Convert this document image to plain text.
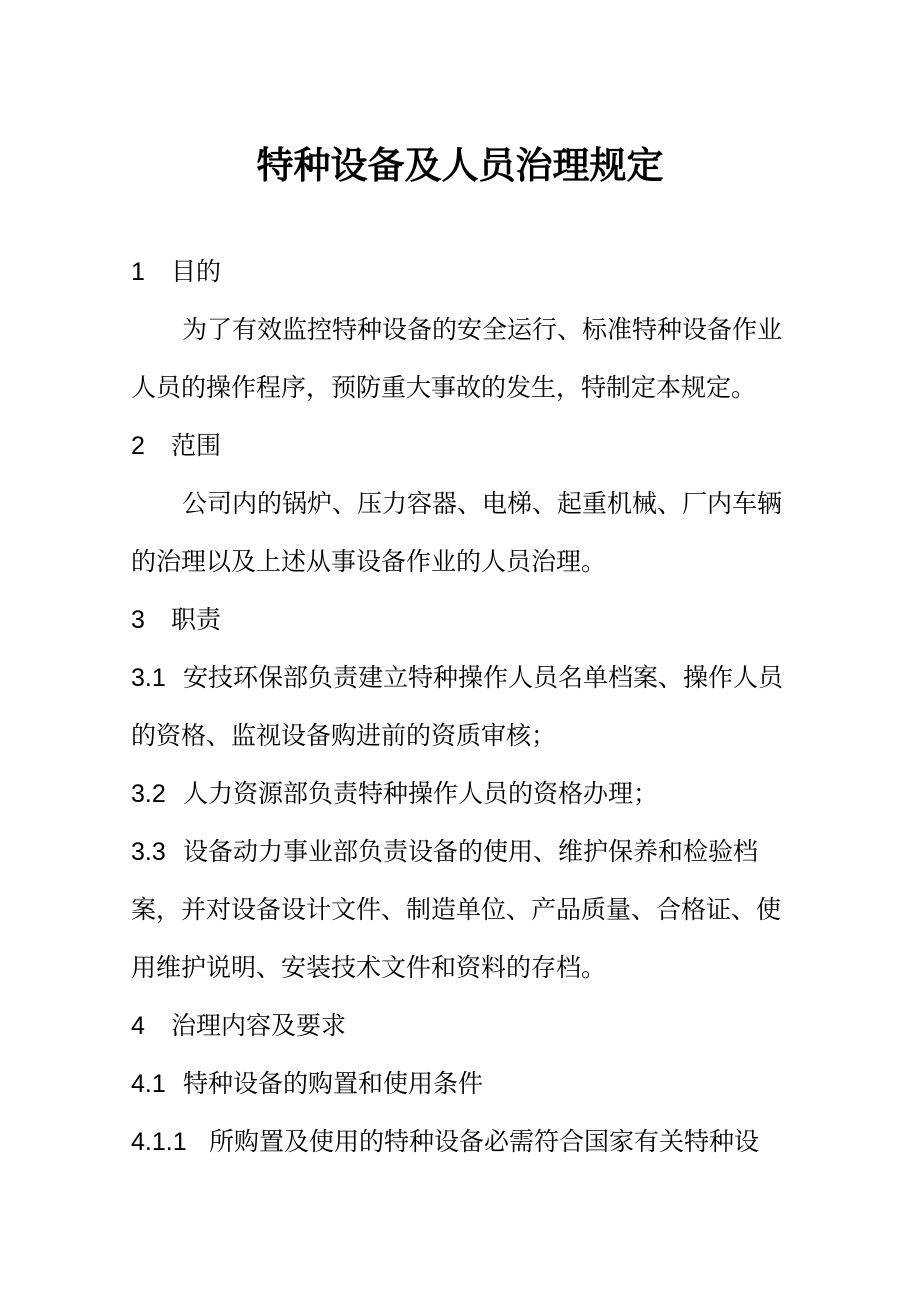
特种设备及人员治理规定
1 目的
为了有效监控特种设备的安全运行、标准特种设备作业
人员的操作程序，预防重大事故的发生，特制定本规定。
2 范围
公司内的锅炉、压力容器、电梯、起重机械、厂内车辆
的治理以及上述从事设备作业的人员治理。
3 职责
3.1 安技环保部负责建立特种操作人员名单档案、操作人员
的资格、监视设备购进前的资质审核；
3.2 人力资源部负责特种操作人员的资格办理；
3.3 设备动力事业部负责设备的使用、维护保养和检验档
案，并对设备设计文件、制造单位、产品质量、合格证、使
用维护说明、安装技术文件和资料的存档。
4 治理内容及要求
4.1 特种设备的购置和使用条件
4.1.1 所购置及使用的特种设备必需符合国家有关特种设
